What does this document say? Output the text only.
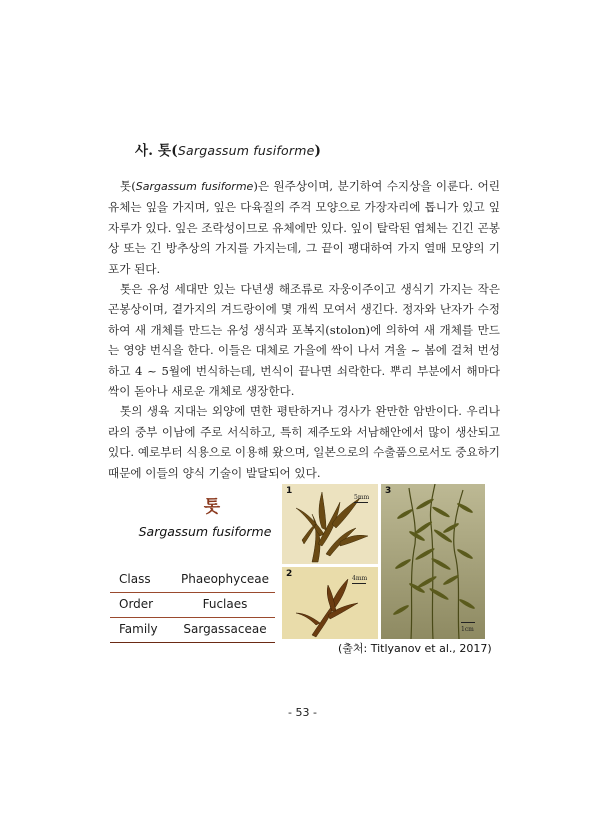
사. 톳(Sargassum fusiforme)

톳(Sargassum fusiforme)은 원주상이며, 분기하여 수지상을 이룬다. 어린 유체는 잎을 가지며, 잎은 다육질의 주걱 모양으로 가장자리에 톱니가 있고 잎자루가 있다. 잎은 조락성이므로 유체에만 있다. 잎이 탈락된 엽체는 긴긴 곤봉상 또는 긴 방추상의 가지를 가지는데, 그 끝이 팽대하여 가지 열매 모양의 기포가 된다.

톳은 유성 세대만 있는 다년생 해조류로 자웅이주이고 생식기 가지는 작은 곤봉상이며, 곁가지의 겨드랑이에 몇 개씩 모여서 생긴다. 정자와 난자가 수정하여 새 개체를 만드는 유성 생식과 포복지(stolon)에 의하여 새 개체를 만드는 영양 번식을 한다. 이들은 대체로 가을에 싹이 나서 겨울 ~ 봄에 걸쳐 번성하고 4 ~ 5월에 번식하는데, 번식이 끝나면 쇠락한다. 뿌리 부분에서 해마다 싹이 돋아나 새로운 개체로 생장한다.

톳의 생육 지대는 외양에 면한 평탄하거나 경사가 완만한 암반이다. 우리나라의 중부 이남에 주로 서식하고, 특히 제주도와 서남해안에서 많이 생산되고 있다. 예로부터 식용으로 이용해 왔으며, 일본으로의 수출품으로서도 중요하기 때문에 이들의 양식 기술이 발달되어 있다.

톳
Sargassum fusiforme
Class	Phaeophyceae
Order	Fuclaes
Family	Sargassaceae
1
5mm
2	4mm
3
1cm
(출처: Titlyanov et al., 2017)
- 53 -
